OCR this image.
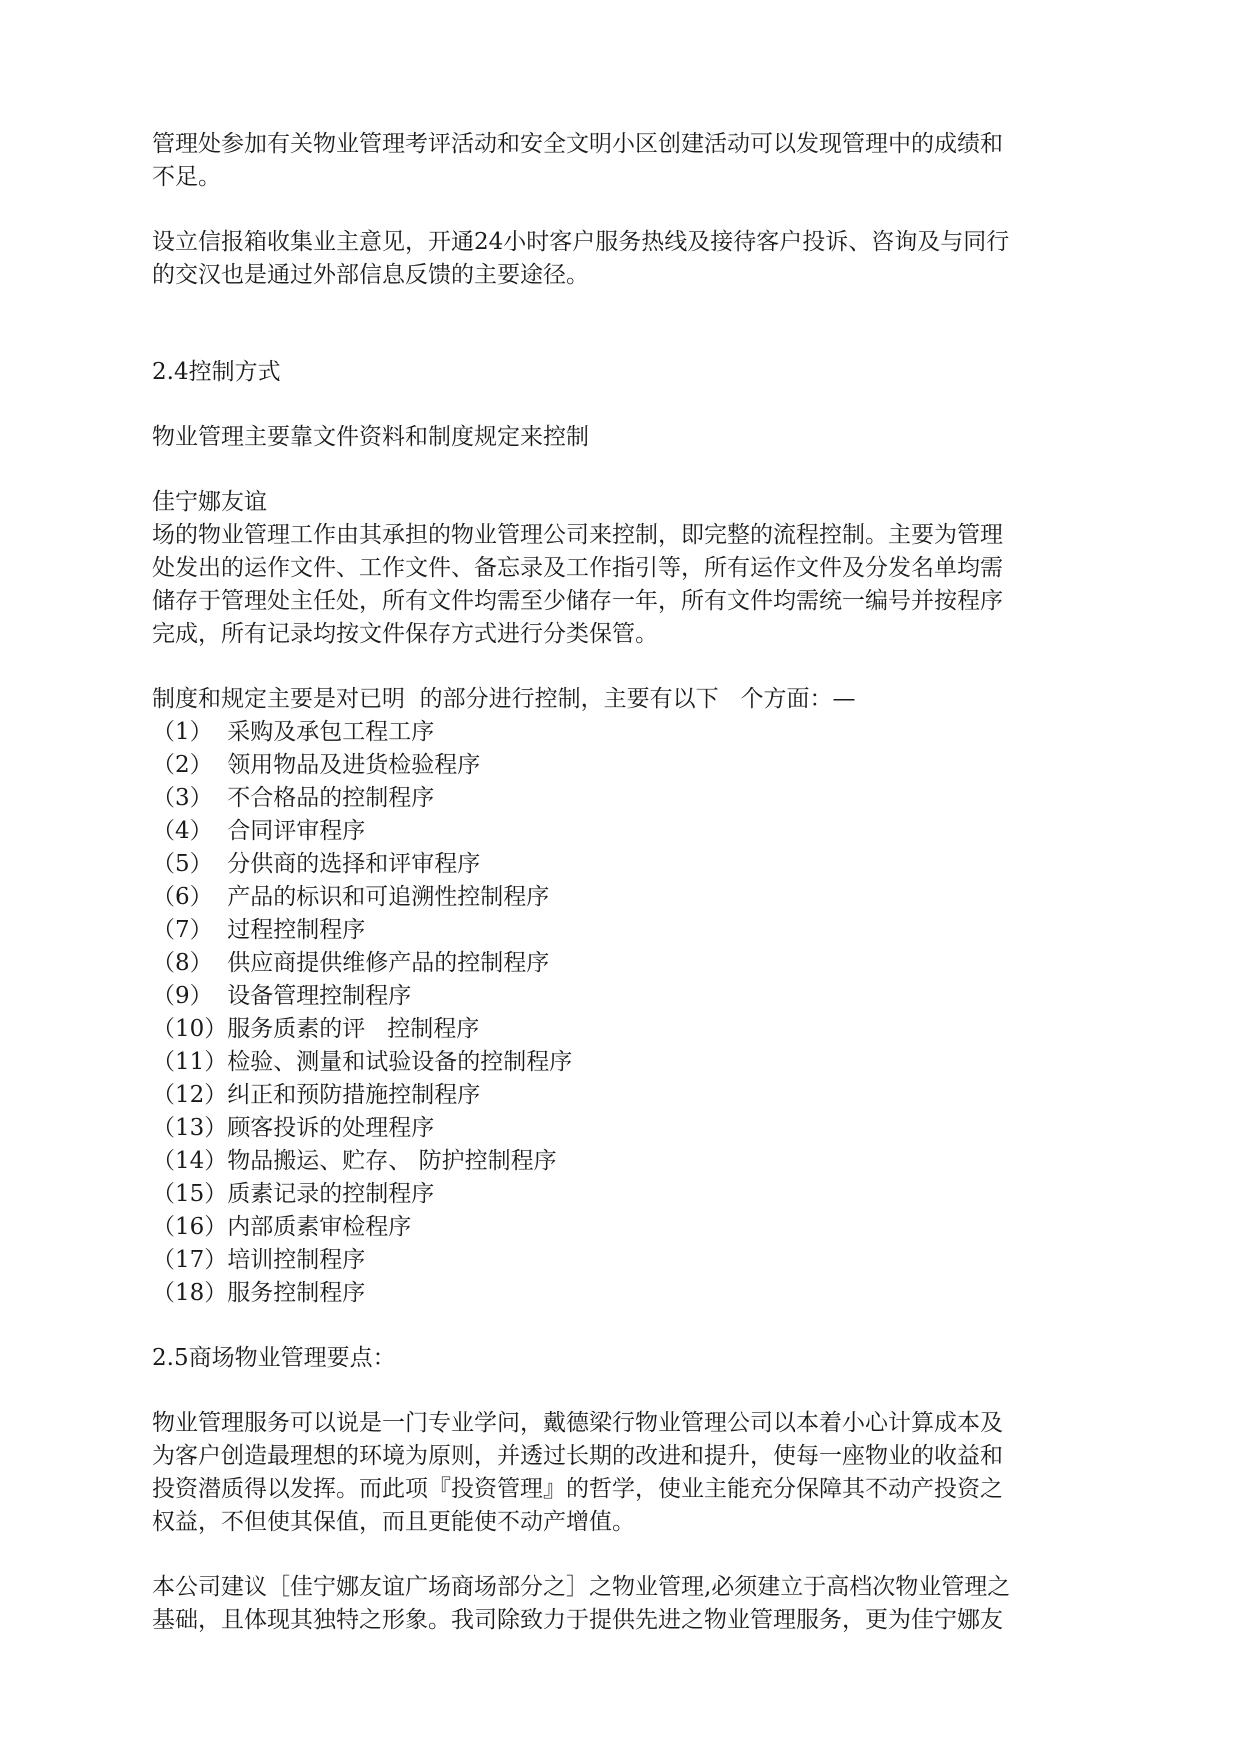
管理处参加有关物业管理考评活动和安全文明小区创建活动可以发现管理中的成绩和

不足。

设立信报箱收集业主意见，开通24小时客户服务热线及接待客户投诉、咨询及与同行

的交汉也是通过外部信息反馈的主要途径。

2.4控制方式

物业管理主要靠文件资料和制度规定来控制

佳宁娜友谊

场的物业管理工作由其承担的物业管理公司来控制，即完整的流程控制。主要为管理

处发出的运作文件、工作文件、备忘录及工作指引等，所有运作文件及分发名单均需

储存于管理处主任处，所有文件均需至少储存一年，所有文件均需统一编号并按程序

完成，所有记录均按文件保存方式进行分类保管。

制度和规定主要是对已明  的部分进行控制，主要有以下   个方面：—

（1）  采购及承包工程工序

（2）  领用物品及进货检验程序

（3）  不合格品的控制程序

（4）  合同评审程序

（5）  分供商的选择和评审程序

（6）  产品的标识和可追溯性控制程序

（7）  过程控制程序

（8）  供应商提供维修产品的控制程序

（9）  设备管理控制程序

（10）服务质素的评   控制程序

（11）检验、测量和试验设备的控制程序

（12）纠正和预防措施控制程序

（13）顾客投诉的处理程序

（14）物品搬运、贮存、 防护控制程序

（15）质素记录的控制程序

（16）内部质素审检程序

（17）培训控制程序

（18）服务控制程序

2.5商场物业管理要点：

物业管理服务可以说是一门专业学问，戴德梁行物业管理公司以本着小心计算成本及

为客户创造最理想的环境为原则，并透过长期的改进和提升，使每一座物业的收益和

投资潜质得以发挥。而此项『投资管理』的哲学，使业主能充分保障其不动产投资之

权益，不但使其保值，而且更能使不动产增值。

本公司建议［佳宁娜友谊广场商场部分之］之物业管理,必须建立于高档次物业管理之

基础，且体现其独特之形象。我司除致力于提供先进之物业管理服务，更为佳宁娜友
